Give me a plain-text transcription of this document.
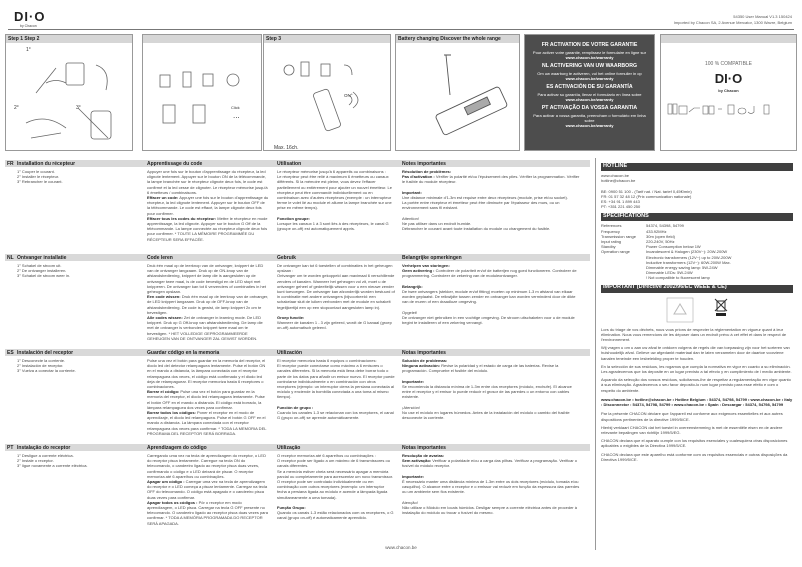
DI·O
by Chacon
54350 User Manual V1.3 150424
Imported by Chacon SA, 2 Avenue Mercator, 1300 Wavre, Belgium
Step 1 Step 2
1°
2°	3°
...
Click
Step 3
ON°
Max. 16ch.
Battery changing Discover the whole range
FR ACTIVATION DE VOTRE GARANTIE

Pour activer votre garantie, remplissez le formulaire en ligne sur

www.chacon.be/warranty

NL ACTIVERING VAN UW WAARBORG

Om uw waarborg te activeren, vul het online formulier in op

www.chacon.be/warranty

ES ACTIVACIÓN DE SU GARANTÍA

Para activar su garantía, llenar el formulario en línea sobre

www.chacon.be/warranty

PT ACTIVAÇÃO DA VOSSA GARANTIA

Para activar a vossa garantia, preencham o formulário em linha sobre

www.chacon.be/warranty

100 % COMPATIBLE
DI·O
by Chacon
FR Installation du récepteur	Apprentissage du code	Utilisation	Notes importantes
1° Couper le courant.
2° Installer le récepteur.
3° Rebrancher le courant.
Appuyer une fois sur le bouton d'apprentissage du récepteur, la led clignote lentement. Appuyer sur le bouton ON de la télécommande, la lampe branchée sur le récepteur clignote deux fois, le code est confirmé et la led cesse de clignoter. Le récepteur mémorise jusqu'à 6 émetteurs / combinaisons.
Effacer un code: Appuyer une fois sur le bouton d'apprentissage du récepteur, la led clignote lentement. Appuyer sur le bouton OFF de la télécommande. Le code est effacé, la lampe clignote deux fois pour confirmer.
Effacer tous les codes du récepteur: Mettre le récepteur en mode apprentissage, la led clignote. Appuyer sur le bouton G Off de la télécommande. La lampe connectée au récepteur clignote deux fois pour confirmer. * TOUTE LA MÉMOIRE PROGRAMMÉE DU RÉCEPTEUR SERA EFFACÉE.
Le récepteur mémorise jusqu'à 6 appareils ou combinaisons :
Le récepteur peut être relié à maximum 6 émetteurs ou canaux différents. Si la mémoire est pleine, vous devez l'effacer partiellement ou entièrement pour ajouter un nouvel émetteur. Le récepteur peut être commandé individuellement ou en combinaison avec d'autres récepteurs (exemple : un interrupteur ferme le volet lié au module et allume la lampe branchée sur une prise en même temps).

Fonction groupe:
Lorsque les canaux 1 à 3 sont liés à des récepteurs, le canal G (groupe on-off) est automatiquement appris.
Résolution de problèmes:
Pas d'activation : Vérifier la polarité et/ou l'épuisement des piles. Vérifier la programmation. Vérifier le fusible du module récepteur.

Important:
Une distance minimale d'1-3m est requise entre deux récepteurs (module, prise et/ou socket).
La portée entre récepteur et émetteur peut être diminuée par l'épaisseur des murs, ou un environnement sans fil existant.

Attention!
Ne pas utiliser dans un endroit humide.
Débrancher le courant avant toute installation du module ou changement du fusible.
NL Ontvanger installatie	Code leren	Gebruik	Belangrijke opmerkingen
1° Schakel de stroom uit.
2° De ontvanger installeren.
3° Schakel de stroom weer in.
Druk één maal op de leerknop van de ontvanger, knippert de LED van de ontvanger langzaam. Druk op de ON-knop van de afstandsbediening, knippert de lamp die is aangesloten op de ontvanger twee maal, is de code bevestigd en de LED stopt met knipperen. De ontvanger kan tot 6 verzenders of combinaties in het geheugen opslaan.
Een code wissen: Druk één maal op de leerknop van de ontvanger, de LED knippert langzaam. Druk op de OFF-knop van de afstandsbediening. De code is gewist, de lamp knippert 2x om te bevestigen.
Alle codes wissen: Zet de ontvanger in learning mode. De LED knippert. Druk op G Off-knop van afstandsbediening. De lamp die met de ontvanger is verbonden knippert twee maal om te bevestigen. * HET VOLLEDIGE GEPROGRAMMEERDE GEHEUGEN VAN DE ONTVANGER ZAL GEWIST WORDEN.
De ontvanger kan tot 6 toestellen of combinaties in het geheugen opslaan :
Ontvanger om te worden gekoppeld aan maximaal 6 verschillende zenders of kanalen. Wanneer het geheugen vol zit, moet u de ontvanger geheel of gedeeltelijk wissen voor u een nieuwe zender kunt toevoegen. De ontvanger kan afzonderlijk worden bestuurd of in combinatie met andere ontvangers (bijvoorbeeld: een schakelaar sluit de luiken verbonden met de module en schakelt tegelijkertijd een op een stopcontact aangesloten lamp in).

Groep functie:
Wanneer de kanalen 1 - 3 zijn geleerd, wordt de G kanaal (groep on-off) automatisch geleerd.
Verhelpen van storingen:
Geen activering : Controleer de polariteit en/of de batterijen nog goed functioneren. Controleer de programmering. Controleer de zekering van de moduleontvanger.

Belangrijk:
De twee ontvangers (stekker, module en/of fitting) moeten op minimum 1-3 m afstand van elkaar worden geplaatst. De reikwijdte tussen zender en ontvanger kan worden verminderd door de dikte van de muren of een draadloze omgeving.

Opgelet!
De ontvanger niet gebruiken in een vochtige omgeving. De stroom uitschakelen voor u de module begint te installeren of een zekering vervangt.
ES Instalación del receptor	Guardar código en la memoria	Utilización	Notas importantes
1° Desconecte la corriente.
2° Instalación de receptor.
3° Vuelva a conectar la corriente.
Pulse una vez el botón para guardar en la memoria del receptor, el diodo led del detector relampaguea lentamente. Pulse el botón ON en el mando a distancia, la lámpara conectada con el receptor relampaguea dos veces, el código está confirmado y el diodo led deja de relampaguear. El receptor memoriza hasta 6 receptores o combinaciones.
Borrar el código: Pulse una vez el botón para guardar en la memoria del receptor, el diodo led relampaguea lentamente. Pulse el botón OFF en el mando a distancia. El código está borrado, la lámpara relampaguea dos veces para confirmar.
Borrar todos los códigos: Poner el receptor en el modo de aprendizaje, el diodo led relampaguea. Pulse el botón G OFF en el mando a distancia. La lámpara conectada con el receptor relampaguea dos veces para confirmar. * TODA LA MEMORIA DEL PROGRAMA DEL RECEPTOR SERÁ BORRADA.
El receptor memoriza hasta 6 equipos o combinaciones:
El receptor puede conectarse como máximo a 6 emisores o canales diferentes. Si la memoria está llena debe borrar todo o parte de los datos para añadir un emisor nuevo. El receptor puede controlarse individualmente o en combinación con otros receptores (ejemplo: un interruptor cierra la persiana conectada al módulo y enciende la bombilla conectada a una toma al mismo tiempo).

Función de grupo :
Cuando los canales 1-3 se relacionan con los receptores, el canal G (grupo on-off) se aprende automáticamente.
Solución de problemas:
Ninguna activación: Revise la polaridad y el estado de carga de las baterías. Revise la programación. Compruebe el fusible del módulo.

Importante:
Se recomienda la distancia mínima de 1-3m entre dos receptores (módulo, enchufe). El alcance entre el receptor y el emisor lo puede reducir el grosor de las paredes o un entorno con cables existente.

¡Atención!
No use el módulo en lugares húmedos. Antes de la instalación del módulo o cambio del fusible desconecte la corriente.
PT Instalação do receptor	Aprendizagem do código	Utilização	Notas importantes
1° Desligue a corrente eléctrica.
2° Instale o receptor.
3° ligue novamente a corrente eléctrica.
Carregando uma vez na tecla de aprendizagem do receptor, o LED do receptor pisca lentamente. Carregue na tecla ON do telecomando, o candeeiro ligado ao receptor pisca duas vezes, confirmando o código e o LED deixará de piscar. O receptor memoriza até 6 aparelhos ou combinações.
Apagar um código : Carregar uma vez na tecla de aprendizagem do receptor e o LED começa a piscar lentamente. Carregar na tecla OFF do telecomando. O código está apagado e o candeeiro pisca duas vezes para confirmar.
Apagar todos os códigos : Pôr o receptor em modo aprendizagem, o LED pisca. Carregar na tecla G OFF presente no telecomando. O candeeiro ligado ao receptor pisca duas vezes para confirmar. * TODA A MEMÓRIA PROGRAMADA DO RECEPTOR SERÁ APAGADA.
O receptor memoriza até 6 aparelhos ou combinações :
O receptor pode ser ligado a um máximo de 6 transmissores ou canais diferentes.
Se a memória estiver cheia será necessário apagar a memória parcial ou completamente para acrescentar um novo transmissor. O receptor pode ser controlado individualmente ou em combinação com outros receptores (exemplo: um interruptor fecha a persiana ligada ao módulo e acende a lâmpada ligada simultaneamente a uma tomada).

Função Grupo:
Quando os canais 1-3 estão relacionados com os receptores, o G canal (grupo on-off) é automaticamente aprendido.
Resolução de avarias:
Sem activação: Verificar a polaridade e/ou a carga das pilhas. Verificar a programação. Verificar o fusível do módulo receptor.

Importante:
É necessário manter uma distância mínima de 1-3m entre os dois receptores (módulo, tomada e/ou casquilho). O alcance entre o receptor e o emissor vai reduzir em função da espessura das paredes ou um ambiente sem fios existente.

Atenção!
Não utilizar o Módulo em locais húmidos. Desligar sempre a corrente eléctrica antes de proceder à instalação do módulo ou trocar o fusível do mesmo.
HOTLINE
www.chacon.be
hotline@chacon.be

BE: 0900 51 100 - (Tarif nat. / Nat. tarief 0,45€/min)
FR: 01 57 32 48 12 (Prix communication nationale)
ES: +34 91 1 899 443
PT: +351 221 450 250
SPECIFICATIONS
References	54374, 54398, 54799
Frequency	433.92MHz
Transmission range	30m (open field)
Input rating	220-240V, 50Hz
Standby	Power Consumption below 1W
Operation range	Incandescent & Halogen (230V~): 20W-200W
Electronic transformers (12V~) up to 20W-200W
Inductive transformers (12V~): 60W-200W Max.
Dimmable energy saving lamp: 5W-24W
Dimmable LEDs: 5W-24W
! Not compatible to fluorescent lamp
IMPORTANT (Directive 2002/96/EC WEEE & CE)

Lors du triage de vos déchets, nous vous prions de respecter la réglementation en vigueur quant à leur élimination. Nous vous remercions de les déposer dans un endroit prévu à cet effet et dans le respect de l'environnement.

Wij vragen u om u aan uw afval te ontdoen volgens de regels die van toepassing zijn voor het sorteren van huishoudelijk afval. Gelieve uw afgedankt materiaal dan te laten verzamelen door de daartoe voorziene kanalen teneinde een lesbeleiding proper te houden.

En la selección de sus residuos, les rogamos que cumpla la normativa en vigor en cuanto a su eliminación. Les agradecemos que los deposite en un lugar previsto a tal efecto y en cumplimiento de l medio ambiente.

Aquando da selecção dos vossos resíduos, solicitamos-lhe de respeitar a regulamentação em vigor quanto à sua eliminação. Agradecemos o seu favor deposito-lo num lugar previsto para esse efeito e com o respeito do ambiente.

www.chacon.be • hotline@chacon.be • Hotline Belgium : 54374, 54798, 54799 • www.chacon.be • Italy : Disconnector : 54374, 54798, 54799 • www.chacon.be • Spain : Descargar : 54374, 54798, 54799

Par la présente CHACON déclare que l'appareil est conforme aux exigences essentielles et aux autres dispositions pertinentes de la directive 1999/5/CE.

Hierbij verklaart CHACON dat het toestel in overeenstemming is met de essentiële eisen en de andere relevante bepalingen van richtlijn 1999/5/EG.

CHACON declara que el aparato cumple con los requisitos esenciales y cualesquiera otras disposiciones aplicables o exigibles de la Directiva 1999/5/CE.

CHACON declara que este aparelho está conforme com os requisitos essenciais e outras disposições da Directiva 1999/5/CE.

www.chacon.be
